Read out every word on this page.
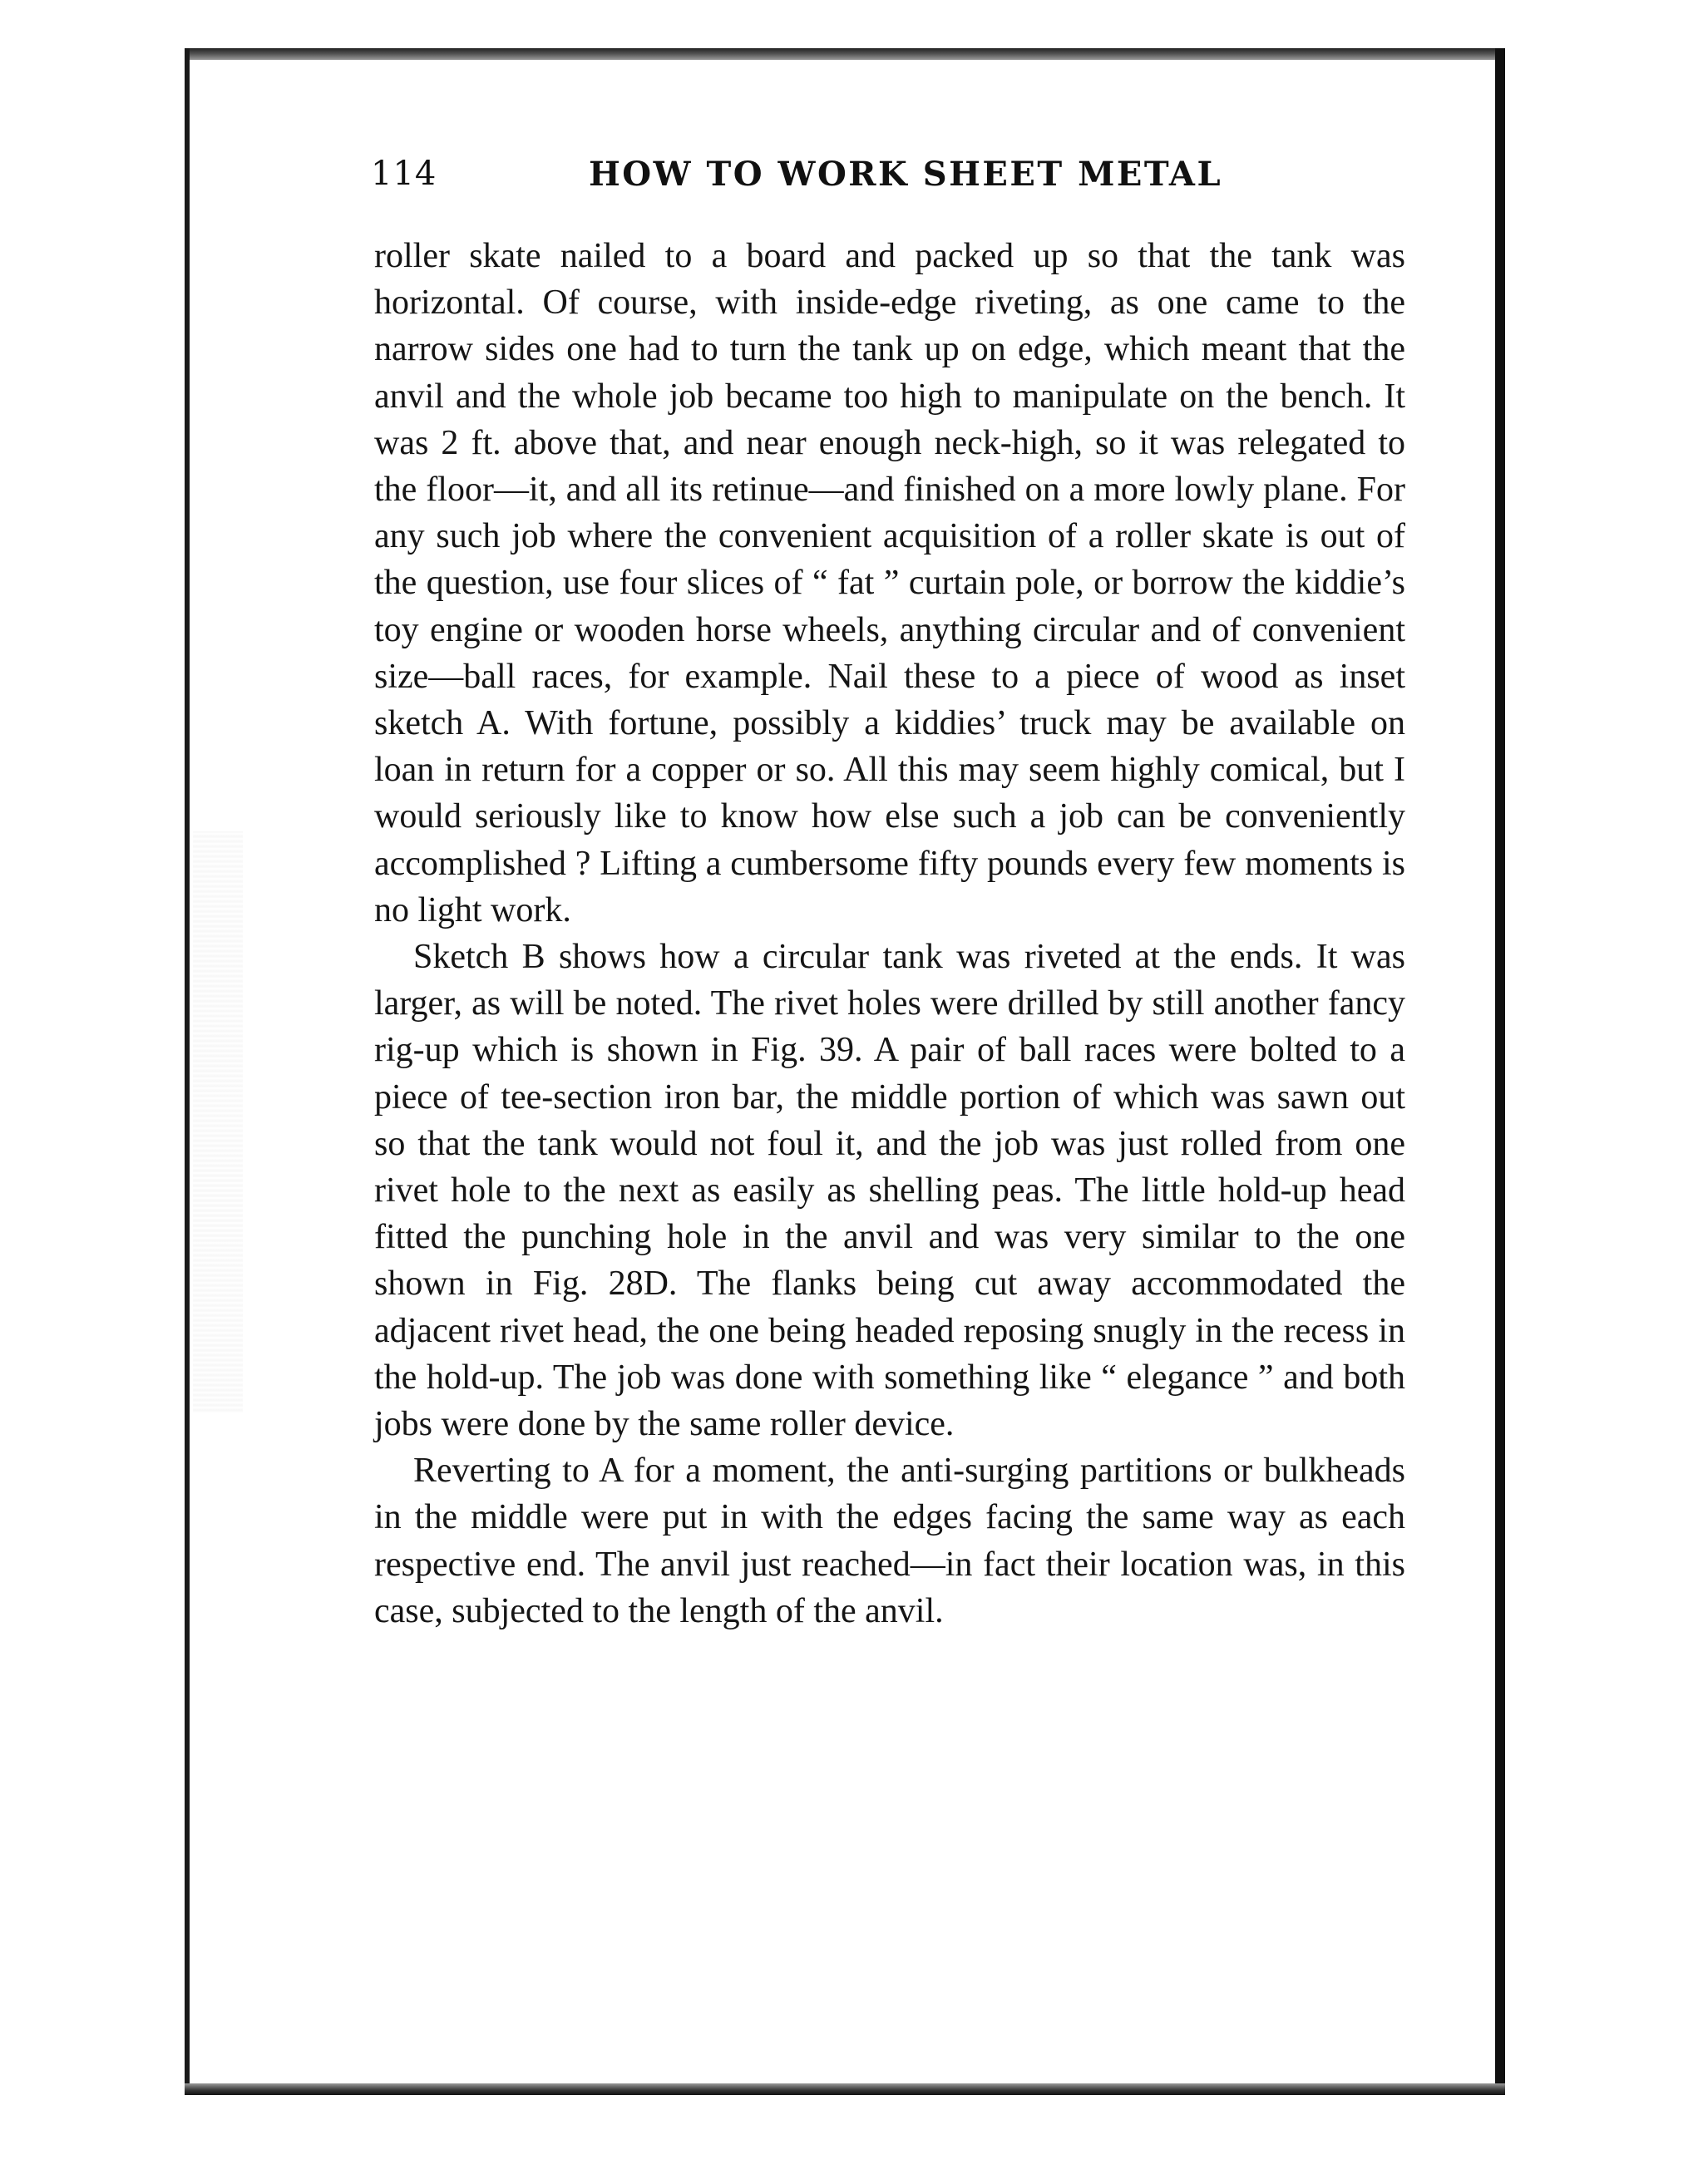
114	HOW TO WORK SHEET METAL

roller skate nailed to a board and packed up so that the tank was horizontal. Of course, with inside-edge riveting, as one came to the narrow sides one had to turn the tank up on edge, which meant that the anvil and the whole job became too high to manipulate on the bench. It was 2 ft. above that, and near enough neck-high, so it was relegated to the floor—it, and all its retinue—and finished on a more lowly plane. For any such job where the convenient acquisition of a roller skate is out of the question, use four slices of “ fat ” curtain pole, or borrow the kiddie’s toy engine or wooden horse wheels, anything circular and of convenient size—ball races, for example. Nail these to a piece of wood as inset sketch A. With fortune, possibly a kiddies’ truck may be available on loan in return for a copper or so. All this may seem highly comical, but I would seriously like to know how else such a job can be conveniently accomplished ? Lifting a cumbersome fifty pounds every few moments is no light work.

Sketch B shows how a circular tank was riveted at the ends. It was larger, as will be noted. The rivet holes were drilled by still another fancy rig-up which is shown in Fig. 39. A pair of ball races were bolted to a piece of tee-section iron bar, the middle portion of which was sawn out so that the tank would not foul it, and the job was just rolled from one rivet hole to the next as easily as shelling peas. The little hold-up head fitted the punching hole in the anvil and was very similar to the one shown in Fig. 28D. The flanks being cut away accommodated the adjacent rivet head, the one being headed reposing snugly in the recess in the hold-up. The job was done with something like “ elegance ” and both jobs were done by the same roller device.

Reverting to A for a moment, the anti-surging partitions or bulkheads in the middle were put in with the edges facing the same way as each respective end. The anvil just reached—in fact their location was, in this case, subjected to the length of the anvil.
